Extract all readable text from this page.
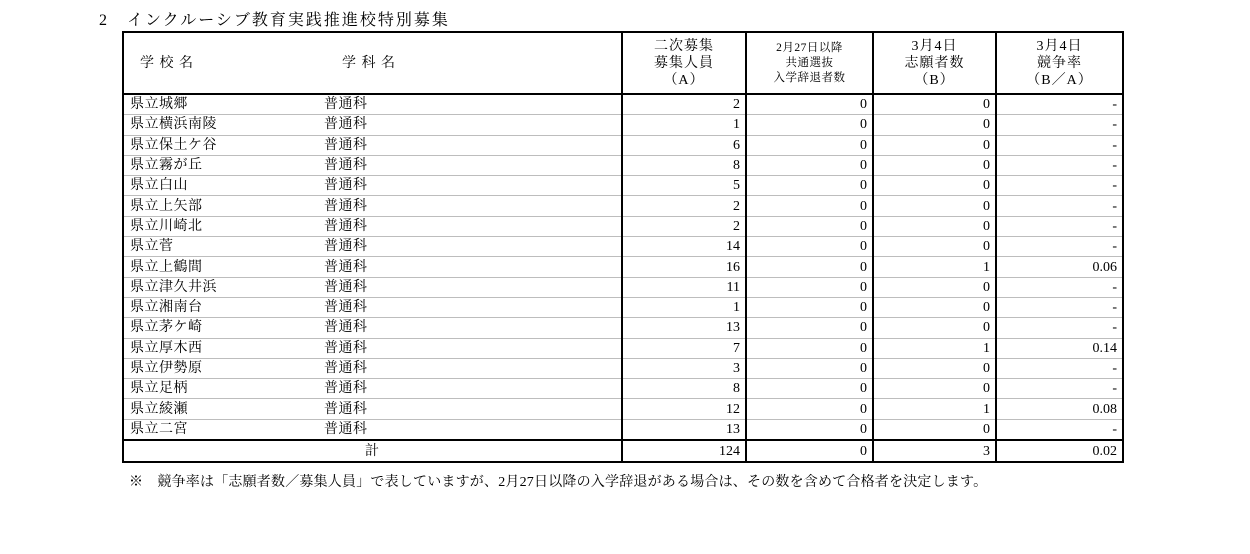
2　インクルーシブ教育実践推進校特別募集
学 校 名	学 科 名	
二次募集
募集人員
（A）

2月27日以降
共通選抜
入学辞退者数

3月4日
志願者数
（B）

3月4日
競争率
（B／A）

県立城郷 普通科	2	0	0	-
県立横浜南陵 普通科	1	0	0	-
県立保土ケ谷 普通科	6	0	0	-
県立霧が丘 普通科	8	0	0	-
県立白山 普通科	5	0	0	-
県立上矢部 普通科	2	0	0	-
県立川崎北 普通科	2	0	0	-
県立菅 普通科	14	0	0	-
県立上鶴間 普通科	16	0	1	0.06
県立津久井浜 普通科	11	0	0	-
県立湘南台 普通科	1	0	0	-
県立茅ケ崎 普通科	13	0	0	-
県立厚木西 普通科	7	0	1	0.14
県立伊勢原 普通科	3	0	0	-
県立足柄 普通科	8	0	0	-
県立綾瀬 普通科	12	0	1	0.08
県立二宮 普通科	13	0	0	-
計	124	0	3	0.02
※　競争率は「志願者数／募集人員」で表していますが、2月27日以降の入学辞退がある場合は、その数を含めて合格者を決定します。
